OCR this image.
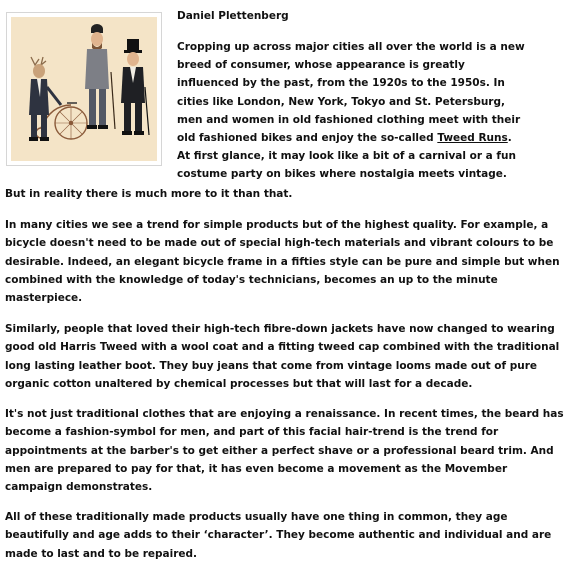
Daniel Plettenberg

Cropping up across major cities all over the world is a new
breed of consumer, whose appearance is greatly
influenced by the past, from the 1920s to the 1950s. In
cities like London, New York, Tokyo and St. Petersburg,
men and women in old fashioned clothing meet with their
old fashioned bikes and enjoy the so-called Tweed Runs.
At first glance, it may look like a bit of a carnival or a fun
costume party on bikes where nostalgia meets vintage.

But in reality there is much more to it than that.

In many cities we see a trend for simple products but of the highest quality. For example, a
bicycle doesn't need to be made out of special high-tech materials and vibrant colours to be
desirable. Indeed, an elegant bicycle frame in a fifties style can be pure and simple but when
combined with the knowledge of today's technicians, becomes an up to the minute
masterpiece.

Similarly, people that loved their high-tech fibre-down jackets have now changed to wearing
good old Harris Tweed with a wool coat and a fitting tweed cap combined with the traditional
long lasting leather boot. They buy jeans that come from vintage looms made out of pure
organic cotton unaltered by chemical processes but that will last for a decade.

It's not just traditional clothes that are enjoying a renaissance. In recent times, the beard has
become a fashion-symbol for men, and part of this facial hair-trend is the trend for
appointments at the barber's to get either a perfect shave or a professional beard trim. And
men are prepared to pay for that, it has even become a movement as the Movember
campaign demonstrates.

All of these traditionally made products usually have one thing in common, they age
beautifully and age adds to their ‘character’. They become authentic and individual and are
made to last and to be repaired.
